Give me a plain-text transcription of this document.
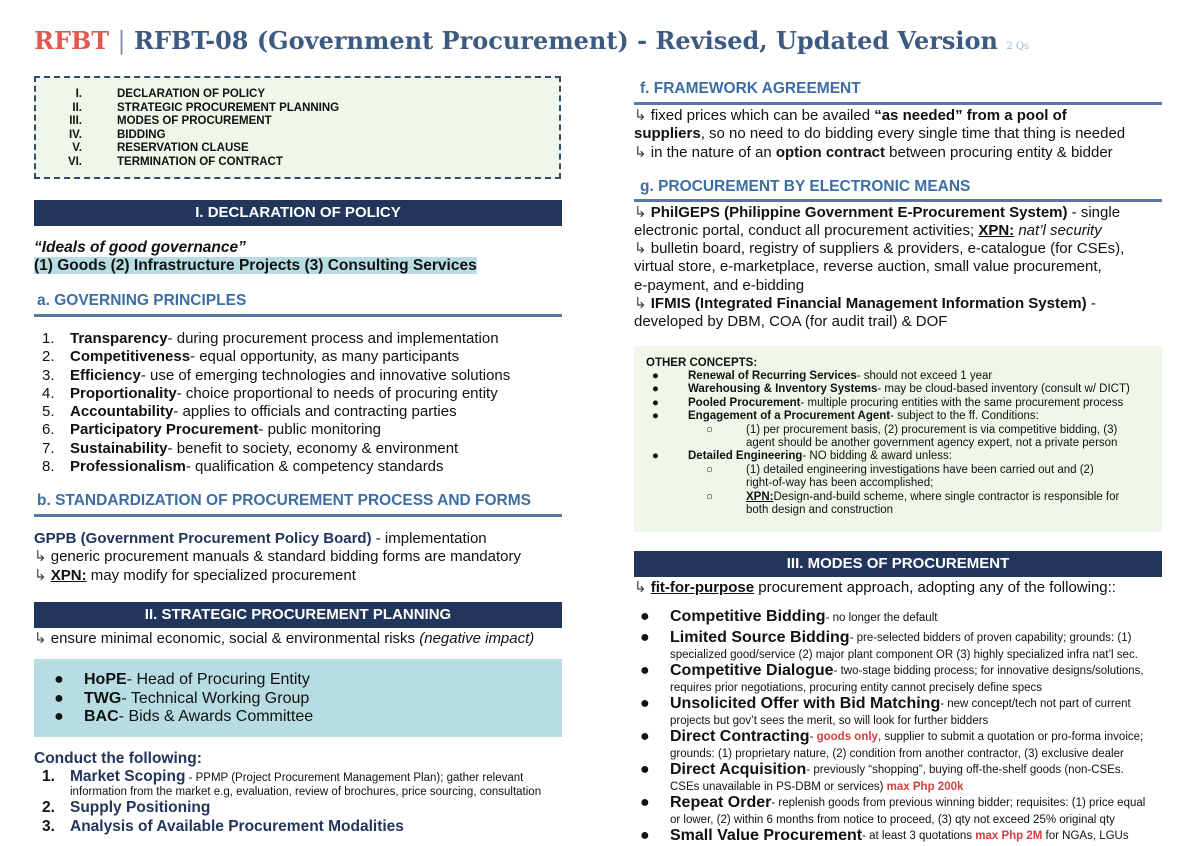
RFBT | RFBT-08 (Government Procurement) - Revised, Updated Version 2 Qs
I.	DECLARATION OF POLICY
II.	STRATEGIC PROCUREMENT PLANNING
III.	MODES OF PROCUREMENT
IV.	BIDDING
V.	RESERVATION CLAUSE
VI.	TERMINATION OF CONTRACT
I. DECLARATION OF POLICY
“Ideals of good governance”
(1) Goods (2) Infrastructure Projects (3) Consulting Services
a. GOVERNING PRINCIPLES
1.	Transparency - during procurement process and implementation
2.	Competitiveness - equal opportunity, as many participants
3.	Efficiency - use of emerging technologies and innovative solutions
4.	Proportionality - choice proportional to needs of procuring entity
5.	Accountability - applies to officials and contracting parties
6.	Participatory Procurement - public monitoring
7.	Sustainability - benefit to society, economy & environment
8.	Professionalism - qualification & competency standards
b. STANDARDIZATION OF PROCUREMENT PROCESS AND FORMS
GPPB (Government Procurement Policy Board) - implementation
↳ generic procurement manuals & standard bidding forms are mandatory
↳ XPN: may modify for specialized procurement
II. STRATEGIC PROCUREMENT PLANNING
↳ ensure minimal economic, social & environmental risks (negative impact)
●	HoPE - Head of Procuring Entity
●	TWG - Technical Working Group
●	BAC - Bids & Awards Committee
Conduct the following:
1. Market Scoping - PPMP (Project Procurement Management Plan); gather relevant
information from the market e.g, evaluation, review of brochures, price sourcing, consultation
2. Supply Positioning
3. Analysis of Available Procurement Modalities
f. FRAMEWORK AGREEMENT
↳ fixed prices which can be availed “as needed” from a pool of
suppliers, so no need to do bidding every single time that thing is needed
↳ in the nature of an option contract between procuring entity & bidder
g. PROCUREMENT BY ELECTRONIC MEANS
↳ PhilGEPS (Philippine Government E-Procurement System) - single
electronic portal, conduct all procurement activities; XPN: nat’l security
↳ bulletin board, registry of suppliers & providers, e-catalogue (for CSEs),
virtual store, e-marketplace, reverse auction, small value procurement,
e-payment, and e-bidding
↳ IFMIS (Integrated Financial Management Information System) -
developed by DBM, COA (for audit trail) & DOF
OTHER CONCEPTS:
●	Renewal of Recurring Services - should not exceed 1 year
●	Warehousing & Inventory Systems - may be cloud-based inventory (consult w/ DICT)
●	Pooled Procurement - multiple procuring entities with the same procurement process
●	Engagement of a Procurement Agent - subject to the ff. Conditions:
○	(1) per procurement basis, (2) procurement is via competitive bidding, (3)
agent should be another government agency expert, not a private person
●	Detailed Engineering - NO bidding & award unless:
○	(1) detailed engineering investigations have been carried out and (2)
right-of-way has been accomplished;
○	XPN: Design-and-build scheme, where single contractor is responsible for
both design and construction
III. MODES OF PROCUREMENT
↳ fit-for-purpose procurement approach, adopting any of the following::
●	Competitive Bidding - no longer the default
●	Limited Source Bidding - pre-selected bidders of proven capability; grounds: (1)
specialized good/service (2) major plant component OR (3) highly specialized infra nat’l sec.
●	Competitive Dialogue - two-stage bidding process; for innovative designs/solutions,
requires prior negotiations, procuring entity cannot precisely define specs
●	Unsolicited Offer with Bid Matching - new concept/tech not part of current
projects but gov’t sees the merit, so will look for further bidders
●	Direct Contracting - goods only, supplier to submit a quotation or pro-forma invoice;
grounds: (1) proprietary nature, (2) condition from another contractor, (3) exclusive dealer
●	Direct Acquisition - previously “shopping”, buying off-the-shelf goods (non-CSEs.
CSEs unavailable in PS-DBM or services) max Php 200k
●	Repeat Order - replenish goods from previous winning bidder; requisites: (1) price equal
or lower, (2) within 6 months from notice to proceed, (3) qty not exceed 25% original qty
●	Small Value Procurement - at least 3 quotations max Php 2M for NGAs, LGUs
